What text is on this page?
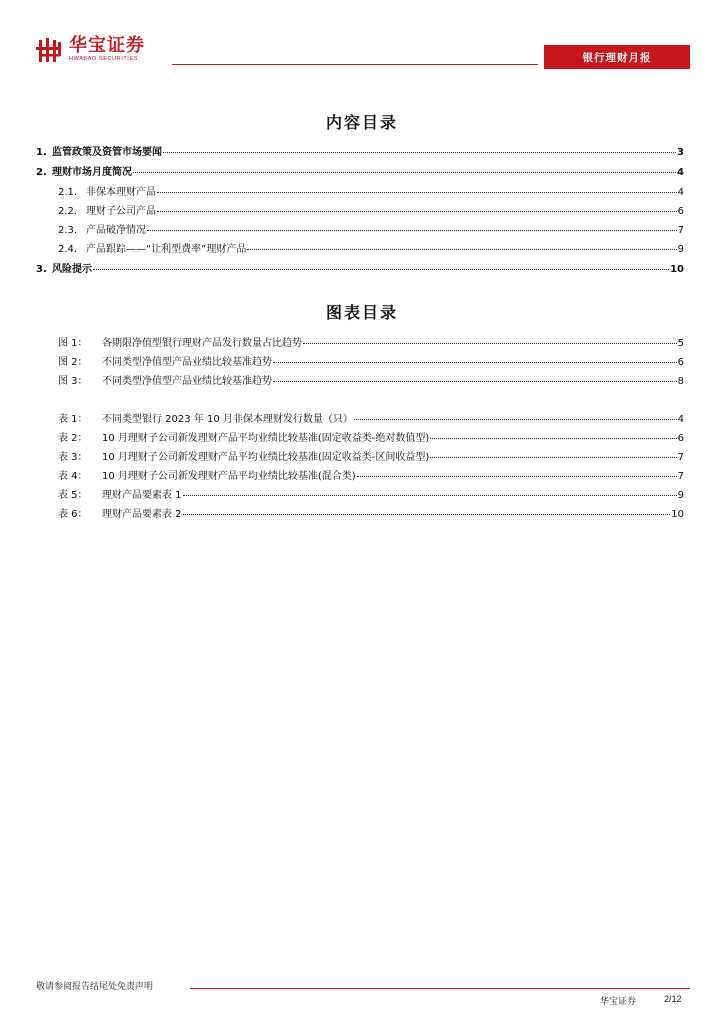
华宝证券
HWABAO SECURITIES	银行理财月报
内容目录
1. 监管政策及资管市场要闻	3
2. 理财市场月度简况	4
2.1. 非保本理财产品	4
2.2. 理财子公司产品	6
2.3. 产品破净情况	7
2.4. 产品跟踪——“让利型费率”理财产品	9
3. 风险提示	10
图表目录
图 1： 各期限净值型银行理财产品发行数量占比趋势	5
图 2： 不同类型净值型产品业绩比较基准趋势	6
图 3： 不同类型净值型产品业绩比较基准趋势	8
表 1： 不同类型银行 2023 年 10 月非保本理财发行数量（只）	4
表 2： 10 月理财子公司新发理财产品平均业绩比较基准(固定收益类-绝对数值型)	6
表 3： 10 月理财子公司新发理财产品平均业绩比较基准(固定收益类-区间收益型)	7
表 4： 10 月理财子公司新发理财产品平均业绩比较基准(混合类)	7
表 5： 理财产品要素表 1	9
表 6： 理财产品要素表 2	10
敬请参阅报告结尾处免责声明
华宝证券	2/12
